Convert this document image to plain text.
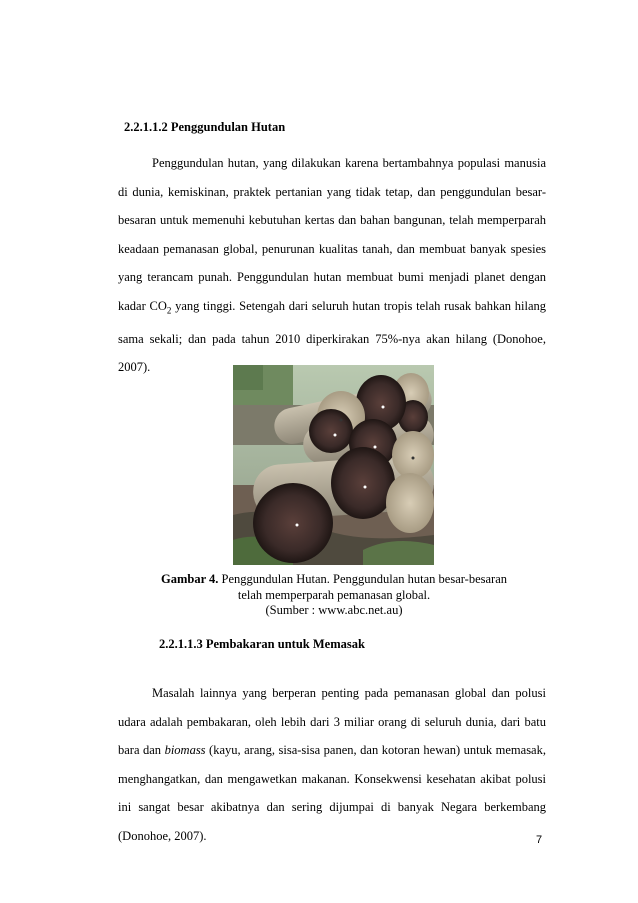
2.2.1.1.2 Penggundulan Hutan

Penggundulan hutan, yang dilakukan karena bertambahnya populasi manusia di dunia, kemiskinan, praktek pertanian yang tidak tetap, dan penggundulan besar-besaran untuk memenuhi kebutuhan kertas dan bahan bangunan, telah memperparah keadaan pemanasan global, penurunan kualitas tanah, dan membuat banyak spesies yang terancam punah. Penggundulan hutan membuat bumi menjadi planet dengan kadar $CO_2$ yang tinggi. Setengah dari seluruh hutan tropis telah rusak bahkan hilang sama sekali; dan pada tahun 2010 diperkirakan 75%-nya akan hilang (Donohoe, 2007).

Gambar 4. Penggundulan Hutan. Penggundulan hutan besar-besaran
telah memperparah pemanasan global.
(Sumber : www.abc.net.au)
2.2.1.1.3 Pembakaran untuk Memasak

Masalah lainnya yang berperan penting pada pemanasan global dan polusi udara adalah pembakaran, oleh lebih dari 3 miliar orang di seluruh dunia, dari batu bara dan biomass (kayu, arang, sisa-sisa panen, dan kotoran hewan) untuk memasak, menghangatkan, dan mengawetkan makanan. Konsekwensi kesehatan akibat polusi ini sangat besar akibatnya dan sering dijumpai di banyak Negara berkembang (Donohoe, 2007).	7
